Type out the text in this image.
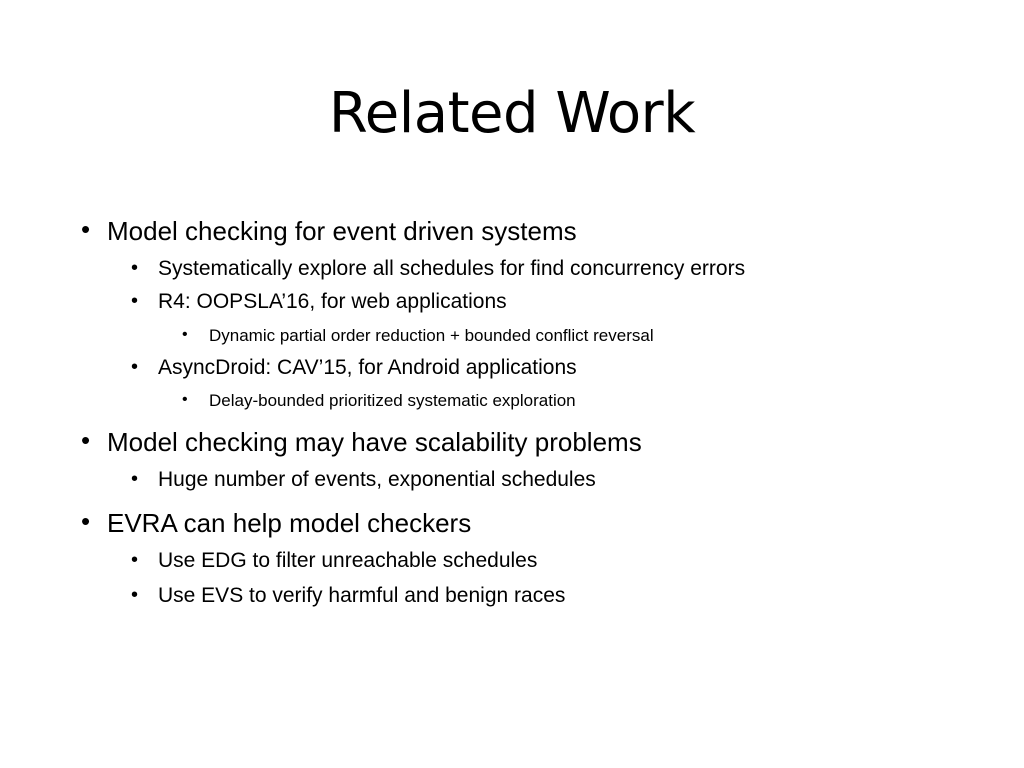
Related Work
• Model checking for event driven systems
• Systematically explore all schedules for find concurrency errors
• R4: OOPSLA’16, for web applications
• Dynamic partial order reduction + bounded conflict reversal
• AsyncDroid: CAV’15, for Android applications
• Delay-bounded prioritized systematic exploration
• Model checking may have scalability problems
• Huge number of events, exponential schedules
• EVRA can help model checkers
• Use EDG to filter unreachable schedules
• Use EVS to verify harmful and benign races
